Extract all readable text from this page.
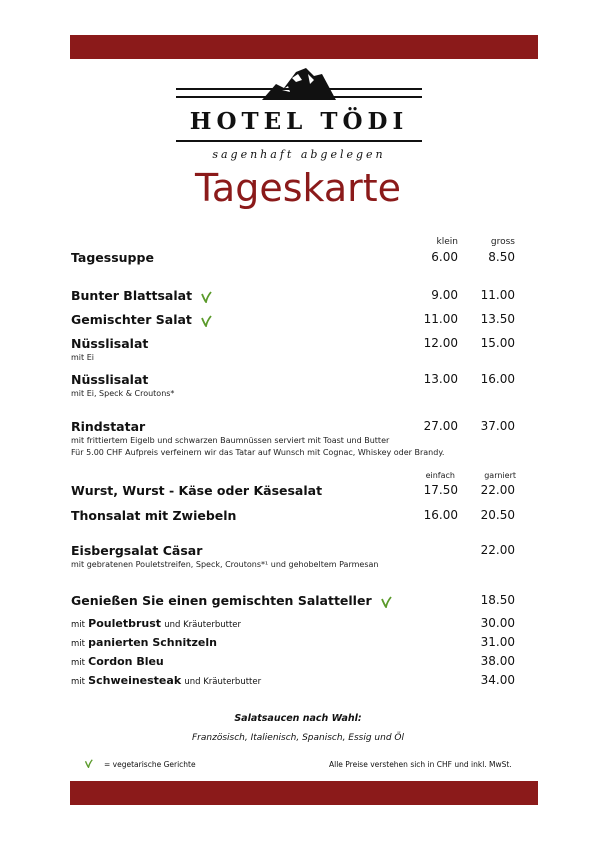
HOTEL TÖDI
sagenhaft abgelegen
Tageskarte
klein	gross
Tagessuppe	6.00	8.50
Bunter Blattsalat	9.00	11.00
Gemischter Salat	11.00	13.50
Nüsslisalat
mit Ei
12.00	15.00
Nüsslisalat
mit Ei, Speck & Croutons*
13.00	16.00
Rindstatar
mit frittiertem Eigelb und schwarzen Baumnüssen serviert mit Toast und Butter
Für 5.00 CHF Aufpreis verfeinern wir das Tatar auf Wunsch mit Cognac, Whiskey oder Brandy.
27.00	37.00
einfach	garniert
Wurst, Wurst - Käse oder Käsesalat	17.50	22.00
Thonsalat mit Zwiebeln	16.00	20.50
Eisbergsalat Cäsar
mit gebratenen Pouletstreifen, Speck, Croutons*¹ und gehobeltem Parmesan
22.00
Genießen Sie einen gemischten Salatteller	18.50
mit Pouletbrust und Kräuterbutter	30.00
mit panierten Schnitzeln	31.00
mit Cordon Bleu	38.00
mit Schweinesteak und Kräuterbutter	34.00
Salatsaucen nach Wahl:
Französisch, Italienisch, Spanisch, Essig und Öl
= vegetarische Gerichte	Alle Preise verstehen sich in CHF und inkl. MwSt.
